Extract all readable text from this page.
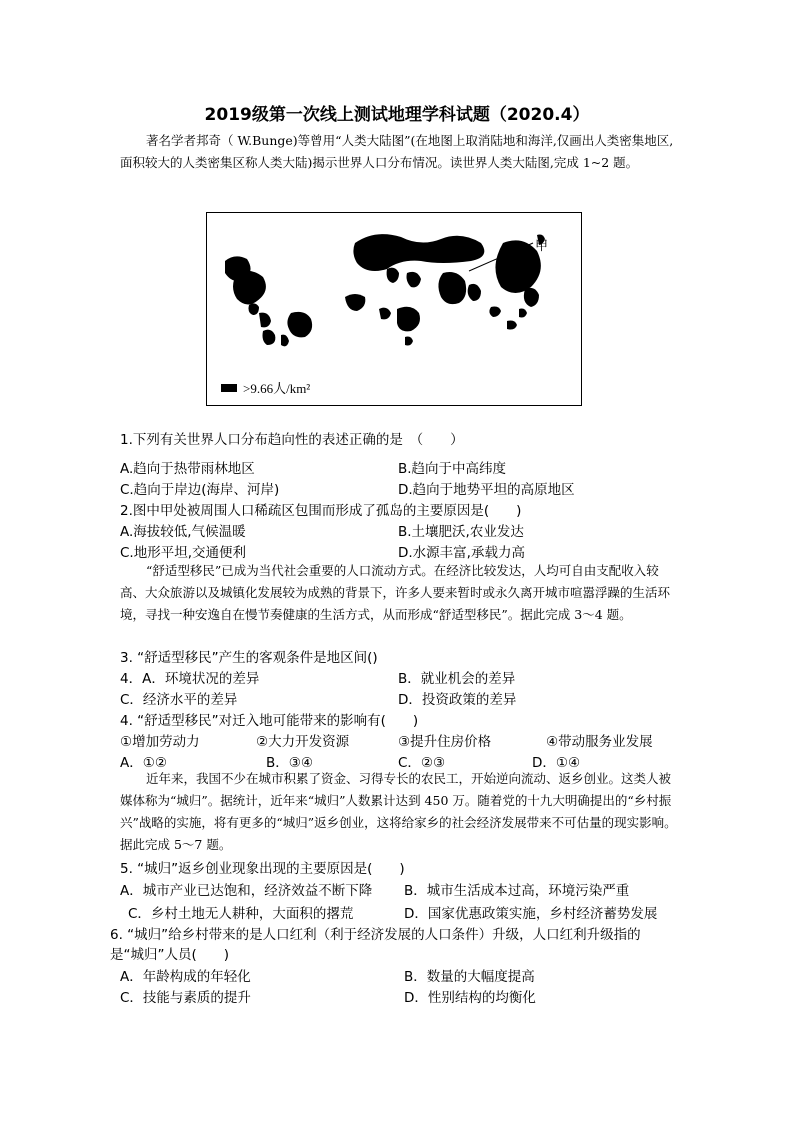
2019级第一次线上测试地理学科试题（2020.4）
著名学者邦奇（ W.Bunge)等曾用“人类大陆图”(在地图上取消陆地和海洋,仅画出人类密集地区,面积较大的人类密集区称人类大陆)揭示世界人口分布情况。读世界人类大陆图,完成 1~2 题。
甲
>9.66人/km²
1.下列有关世界人口分布趋向性的表述正确的是　（　　）
A.趋向于热带雨林地区	B.趋向于中高纬度
C.趋向于岸边(海岸、河岸)	D.趋向于地势平坦的高原地区
2.图中甲处被周围人口稀疏区包围而形成了孤岛的主要原因是(　　)
A.海拔较低,气候温暖	B.土壤肥沃,农业发达
C.地形平坦,交通便利	D.水源丰富,承载力高
“舒适型移民”已成为当代社会重要的人口流动方式。在经济比较发达，人均可自由支配收入较高、大众旅游以及城镇化发展较为成熟的背景下，许多人要来暂时或永久离开城市喧嚣浮躁的生活环境，寻找一种安逸自在慢节奏健康的生活方式，从而形成“舒适型移民”。据此完成 3～4 题。
3. “舒适型移民”产生的客观条件是地区间()
4．A．环境状况的差异	B．就业机会的差异
C．经济水平的差异	D．投资政策的差异
4. “舒适型移民”对迁入地可能带来的影响有(　　)
①增加劳动力	②大力开发资源	③提升住房价格	④带动服务业发展
A．①②	B．③④	C．②③	D．①④
近年来，我国不少在城市积累了资金、习得专长的农民工，开始逆向流动、返乡创业。这类人被媒体称为“城归”。据统计，近年来“城归”人数累计达到 450 万。随着党的十九大明确提出的“乡村振兴”战略的实施，将有更多的“城归”返乡创业，这将给家乡的社会经济发展带来不可估量的现实影响。据此完成 5～7 题。
5. “城归”返乡创业现象出现的主要原因是(　　)
A．城市产业已达饱和，经济效益不断下降 B．城市生活成本过高，环境污染严重
C．乡村土地无人耕种，大面积的撂荒	D．国家优惠政策实施，乡村经济蓄势发展
6. “城归”给乡村带来的是人口红利（利于经济发展的人口条件）升级，人口红利升级指的
是“城归”人员(　　)
A．年龄构成的年轻化	B．数量的大幅度提高
C．技能与素质的提升	D．性别结构的均衡化
